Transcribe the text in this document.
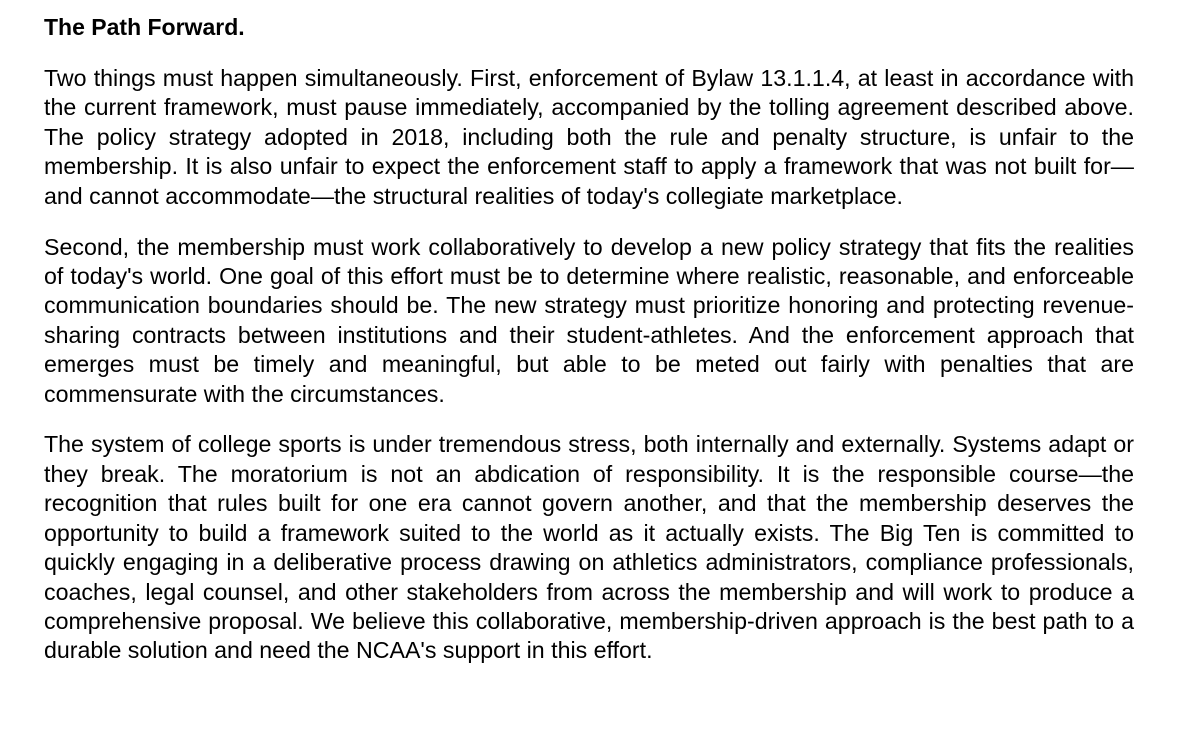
The Path Forward.

Two things must happen simultaneously. First, enforcement of Bylaw 13.1.1.4, at least in accordance with the current framework, must pause immediately, accompanied by the tolling agreement described above. The policy strategy adopted in 2018, including both the rule and penalty structure, is unfair to the membership. It is also unfair to expect the enforcement staff to apply a framework that was not built for—and cannot accommodate—the structural realities of today's collegiate marketplace.

Second, the membership must work collaboratively to develop a new policy strategy that fits the realities of today's world. One goal of this effort must be to determine where realistic, reasonable, and enforceable communication boundaries should be. The new strategy must prioritize honoring and protecting revenue-sharing contracts between institutions and their student-athletes. And the enforcement approach that emerges must be timely and meaningful, but able to be meted out fairly with penalties that are commensurate with the circumstances.

The system of college sports is under tremendous stress, both internally and externally. Systems adapt or they break. The moratorium is not an abdication of responsibility. It is the responsible course—the recognition that rules built for one era cannot govern another, and that the membership deserves the opportunity to build a framework suited to the world as it actually exists. The Big Ten is committed to quickly engaging in a deliberative process drawing on athletics administrators, compliance professionals, coaches, legal counsel, and other stakeholders from across the membership and will work to produce a comprehensive proposal. We believe this collaborative, membership-driven approach is the best path to a durable solution and need the NCAA's support in this effort.
